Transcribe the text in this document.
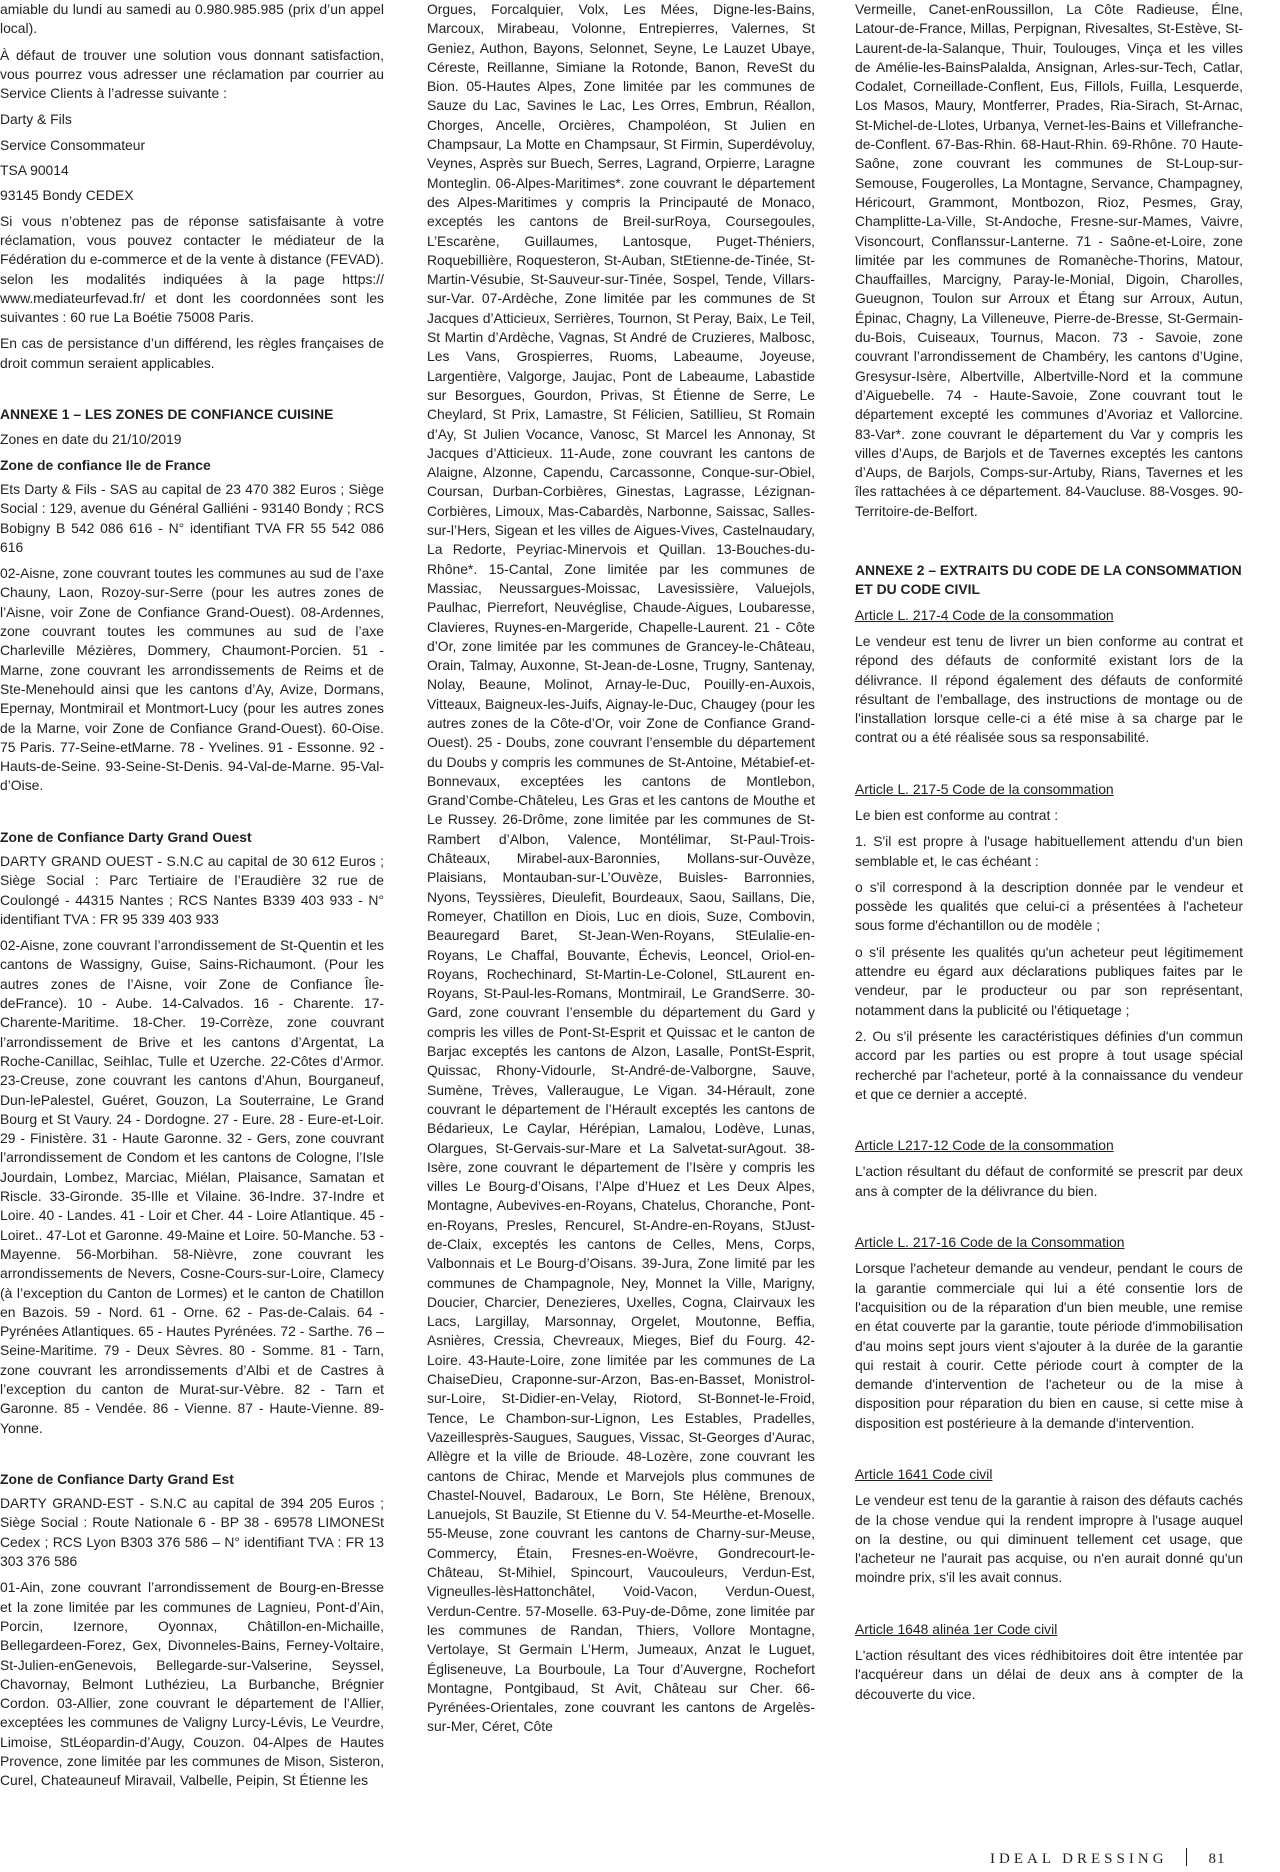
amiable du lundi au samedi au 0.980.985.985 (prix d’un appel local).

À défaut de trouver une solution vous donnant satisfaction, vous pourrez vous adresser une réclamation par courrier au Service Clients à l’adresse suivante :

Darty & Fils

Service Consommateur

TSA 90014

93145 Bondy CEDEX

Si vous n’obtenez pas de réponse satisfaisante à votre réclamation, vous pouvez contacter le médiateur de la Fédération du e-commerce et de la vente à distance (FEVAD). selon les modalités indiquées à la page https:// www.mediateurfevad.fr/ et dont les coordonnées sont les suivantes : 60 rue La Boétie 75008 Paris.

En cas de persistance d’un différend, les règles françaises de droit commun seraient applicables.

ANNEXE 1 – LES ZONES DE CONFIANCE CUISINE

Zones en date du 21/10/2019

Zone de confiance Ile de France

Ets Darty & Fils - SAS au capital de 23 470 382 Euros ; Siège Social : 129, avenue du Général Galliéni - 93140 Bondy ; RCS Bobigny B 542 086 616 - N° identifiant TVA FR 55 542 086 616

02-Aisne, zone couvrant toutes les communes au sud de l’axe Chauny, Laon, Rozoy-sur-Serre (pour les autres zones de l’Aisne, voir Zone de Confiance Grand-Ouest). 08-Ardennes, zone couvrant toutes les communes au sud de l’axe Charleville Mézières, Dommery, Chaumont-Porcien. 51 - Marne, zone couvrant les arrondissements de Reims et de Ste-Menehould ainsi que les cantons d’Ay, Avize, Dormans, Epernay, Montmirail et Montmort-Lucy (pour les autres zones de la Marne, voir Zone de Confiance Grand-Ouest). 60-Oise. 75 Paris. 77-Seine-etMarne. 78 - Yvelines. 91 - Essonne. 92 - Hauts-de-Seine. 93-Seine-St-Denis. 94-Val-de-Marne. 95-Val-d’Oise.

Zone de Confiance Darty Grand Ouest

DARTY GRAND OUEST - S.N.C au capital de 30 612 Euros ; Siège Social : Parc Tertiaire de l’Eraudière 32 rue de Coulongé - 44315 Nantes ; RCS Nantes B339 403 933 - N° identifiant TVA : FR 95 339 403 933

02-Aisne, zone couvrant l’arrondissement de St-Quentin et les cantons de Wassigny, Guise, Sains-Richaumont. (Pour les autres zones de l’Aisne, voir Zone de Confiance Île-deFrance). 10 - Aube. 14-Calvados. 16 - Charente. 17-Charente-Maritime. 18-Cher. 19-Corrèze, zone couvrant l’arrondissement de Brive et les cantons d’Argentat, La Roche-Canillac, Seihlac, Tulle et Uzerche. 22-Côtes d’Armor. 23-Creuse, zone couvrant les cantons d’Ahun, Bourganeuf, Dun-lePalestel, Guéret, Gouzon, La Souterraine, Le Grand Bourg et St Vaury. 24 - Dordogne. 27 - Eure. 28 - Eure-et-Loir. 29 - Finistère. 31 - Haute Garonne. 32 - Gers, zone couvrant l’arrondissement de Condom et les cantons de Cologne, l’Isle Jourdain, Lombez, Marciac, Miélan, Plaisance, Samatan et Riscle. 33-Gironde. 35-Ille et Vilaine. 36-Indre. 37-Indre et Loire. 40 - Landes. 41 - Loir et Cher. 44 - Loire Atlantique. 45 - Loiret.. 47-Lot et Garonne. 49-Maine et Loire. 50-Manche. 53 - Mayenne. 56-Morbihan. 58-Nièvre, zone couvrant les arrondissements de Nevers, Cosne-Cours-sur-Loire, Clamecy (à l’exception du Canton de Lormes) et le canton de Chatillon en Bazois. 59 - Nord. 61 - Orne. 62 - Pas-de-Calais. 64 - Pyrénées Atlantiques. 65 - Hautes Pyrénées. 72 - Sarthe. 76 – Seine-Maritime. 79 - Deux Sèvres. 80 - Somme. 81 - Tarn, zone couvrant les arrondissements d’Albi et de Castres à l’exception du canton de Murat-sur-Vèbre. 82 - Tarn et Garonne. 85 - Vendée. 86 - Vienne. 87 - Haute-Vienne. 89-Yonne.

Zone de Confiance Darty Grand Est

DARTY GRAND-EST - S.N.C au capital de 394 205 Euros ; Siège Social : Route Nationale 6 - BP 38 - 69578 LIMONESt Cedex ; RCS Lyon B303 376 586 – N° identifiant TVA : FR 13 303 376 586

01-Ain, zone couvrant l’arrondissement de Bourg-en-Bresse et la zone limitée par les communes de Lagnieu, Pont-d’Ain, Porcin, Izernore, Oyonnax, Châtillon-en-Michaille, Bellegardeen-Forez, Gex, Divonneles-Bains, Ferney-Voltaire, St-Julien-enGenevois, Bellegarde-sur-Valserine, Seyssel, Chavornay, Belmont Luthézieu, La Burbanche, Brégnier Cordon. 03-Allier, zone couvrant le département de l’Allier, exceptées les communes de Valigny Lurcy-Lévis, Le Veurdre, Limoise, StLéopardin-d’Augy, Couzon. 04-Alpes de Hautes Provence, zone limitée par les communes de Mison, Sisteron, Curel, Chateauneuf Miravail, Valbelle, Peipin, St Étienne les

Orgues, Forcalquier, Volx, Les Mées, Digne-les-Bains, Marcoux, Mirabeau, Volonne, Entrepierres, Valernes, St Geniez, Authon, Bayons, Selonnet, Seyne, Le Lauzet Ubaye, Céreste, Reillanne, Simiane la Rotonde, Banon, ReveSt du Bion. 05-Hautes Alpes, Zone limitée par les communes de Sauze du Lac, Savines le Lac, Les Orres, Embrun, Réallon, Chorges, Ancelle, Orcières, Champoléon, St Julien en Champsaur, La Motte en Champsaur, St Firmin, Superdévoluy, Veynes, Asprès sur Buech, Serres, Lagrand, Orpierre, Laragne Monteglin. 06-Alpes-Maritimes*. zone couvrant le département des Alpes-Maritimes y compris la Principauté de Monaco, exceptés les cantons de Breil-surRoya, Coursegoules, L’Escarène, Guillaumes, Lantosque, Puget-Théniers, Roquebillière, Roquesteron, St-Auban, StEtienne-de-Tinée, St-Martin-Vésubie, St-Sauveur-sur-Tinée, Sospel, Tende, Villars-sur-Var. 07-Ardèche, Zone limitée par les communes de St Jacques d’Atticieux, Serrières, Tournon, St Peray, Baix, Le Teil, St Martin d’Ardèche, Vagnas, St André de Cruzieres, Malbosc, Les Vans, Grospierres, Ruoms, Labeaume, Joyeuse, Largentière, Valgorge, Jaujac, Pont de Labeaume, Labastide sur Besorgues, Gourdon, Privas, St Étienne de Serre, Le Cheylard, St Prix, Lamastre, St Félicien, Satillieu, St Romain d’Ay, St Julien Vocance, Vanosc, St Marcel les Annonay, St Jacques d’Atticieux. 11-Aude, zone couvrant les cantons de Alaigne, Alzonne, Capendu, Carcassonne, Conque-sur-Obiel, Coursan, Durban-Corbières, Ginestas, Lagrasse, Lézignan-Corbières, Limoux, Mas-Cabardès, Narbonne, Saissac, Salles-sur-l’Hers, Sigean et les villes de Aigues-Vives, Castelnaudary, La Redorte, Peyriac-Minervois et Quillan. 13-Bouches-du-Rhône*. 15-Cantal, Zone limitée par les communes de Massiac, Neussargues-Moissac, Lavesissière, Valuejols, Paulhac, Pierrefort, Neuvéglise, Chaude-Aigues, Loubaresse, Clavieres, Ruynes-en-Margeride, Chapelle-Laurent. 21 - Côte d’Or, zone limitée par les communes de Grancey-le-Château, Orain, Talmay, Auxonne, St-Jean-de-Losne, Trugny, Santenay, Nolay, Beaune, Molinot, Arnay-le-Duc, Pouilly-en-Auxois, Vitteaux, Baigneux-les-Juifs, Aignay-le-Duc, Chaugey (pour les autres zones de la Côte-d’Or, voir Zone de Confiance Grand-Ouest). 25 - Doubs, zone couvrant l’ensemble du département du Doubs y compris les communes de St-Antoine, Métabief-et-Bonnevaux, exceptées les cantons de Montlebon, Grand’Combe-Châteleu, Les Gras et les cantons de Mouthe et Le Russey. 26-Drôme, zone limitée par les communes de St-Rambert d’Albon, Valence, Montélimar, St-Paul-Trois-Châteaux, Mirabel-aux-Baronnies, Mollans-sur-Ouvèze, Plaisians, Montauban-sur-L’Ouvèze, Buisles- Barronnies, Nyons, Teyssières, Dieulefit, Bourdeaux, Saou, Saillans, Die, Romeyer, Chatillon en Diois, Luc en diois, Suze, Combovin, Beauregard Baret, St-Jean-Wen-Royans, StEulalie-en-Royans, Le Chaffal, Bouvante, Échevis, Leoncel, Oriol-en-Royans, Rochechinard, St-Martin-Le-Colonel, StLaurent en-Royans, St-Paul-les-Romans, Montmirail, Le GrandSerre. 30-Gard, zone couvrant l’ensemble du département du Gard y compris les villes de Pont-St-Esprit et Quissac et le canton de Barjac exceptés les cantons de Alzon, Lasalle, PontSt-Esprit, Quissac, Rhony-Vidourle, St-André-de-Valborgne, Sauve, Sumène, Trèves, Valleraugue, Le Vigan. 34-Hérault, zone couvrant le département de l’Hérault exceptés les cantons de Bédarieux, Le Caylar, Hérépian, Lamalou, Lodève, Lunas, Olargues, St-Gervais-sur-Mare et La Salvetat-surAgout. 38-Isère, zone couvrant le département de l’Isère y compris les villes Le Bourg-d’Oisans, l’Alpe d’Huez et Les Deux Alpes, Montagne, Aubevives-en-Royans, Chatelus, Choranche, Pont-en-Royans, Presles, Rencurel, St-Andre-en-Royans, StJust-de-Claix, exceptés les cantons de Celles, Mens, Corps, Valbonnais et Le Bourg-d’Oisans. 39-Jura, Zone limité par les communes de Champagnole, Ney, Monnet la Ville, Marigny, Doucier, Charcier, Denezieres, Uxelles, Cogna, Clairvaux les Lacs, Largillay, Marsonnay, Orgelet, Moutonne, Beffia, Asnières, Cressia, Chevreaux, Mieges, Bief du Fourg. 42-Loire. 43-Haute-Loire, zone limitée par les communes de La ChaiseDieu, Craponne-sur-Arzon, Bas-en-Basset, Monistrol-sur-Loire, St-Didier-en-Velay, Riotord, St-Bonnet-le-Froid, Tence, Le Chambon-sur-Lignon, Les Estables, Pradelles, Vazeillesprès-Saugues, Saugues, Vissac, St-Georges d’Aurac, Allègre et la ville de Brioude. 48-Lozère, zone couvrant les cantons de Chirac, Mende et Marvejols plus communes de Chastel-Nouvel, Badaroux, Le Born, Ste Hélène, Brenoux, Lanuejols, St Bauzile, St Etienne du V. 54-Meurthe-et-Moselle. 55-Meuse, zone couvrant les cantons de Charny-sur-Meuse, Commercy, Étain, Fresnes-en-Woëvre, Gondrecourt-le-Château, St-Mihiel, Spincourt, Vaucouleurs, Verdun-Est, Vigneulles-lèsHattonchâtel, Void-Vacon, Verdun-Ouest, Verdun-Centre. 57-Moselle. 63-Puy-de-Dôme, zone limitée par les communes de Randan, Thiers, Vollore Montagne, Vertolaye, St Germain L’Herm, Jumeaux, Anzat le Luguet, Égliseneuve, La Bourboule, La Tour d’Auvergne, Rochefort Montagne, Pontgibaud, St Avit, Château sur Cher. 66-Pyrénées-Orientales, zone couvrant les cantons de Argelès-sur-Mer, Céret, Côte

Vermeille, Canet-enRoussillon, La Côte Radieuse, Élne, Latour-de-France, Millas, Perpignan, Rivesaltes, St-Estève, St-Laurent-de-la-Salanque, Thuir, Toulouges, Vinça et les villes de Amélie-les-BainsPalalda, Ansignan, Arles-sur-Tech, Catlar, Codalet, Corneillade-Conflent, Eus, Fillols, Fuilla, Lesquerde, Los Masos, Maury, Montferrer, Prades, Ria-Sirach, St-Arnac, St-Michel-de-Llotes, Urbanya, Vernet-les-Bains et Villefranche-de-Conflent. 67-Bas-Rhin. 68-Haut-Rhin. 69-Rhône. 70 Haute-Saône, zone couvrant les communes de St-Loup-sur-Semouse, Fougerolles, La Montagne, Servance, Champagney, Héricourt, Grammont, Montbozon, Rioz, Pesmes, Gray, Champlitte-La-Ville, St-Andoche, Fresne-sur-Mames, Vaivre, Visoncourt, Conflanssur-Lanterne. 71 - Saône-et-Loire, zone limitée par les communes de Romanèche-Thorins, Matour, Chauffailles, Marcigny, Paray-le-Monial, Digoin, Charolles, Gueugnon, Toulon sur Arroux et Étang sur Arroux, Autun, Épinac, Chagny, La Villeneuve, Pierre-de-Bresse, St-Germain-du-Bois, Cuiseaux, Tournus, Macon. 73 - Savoie, zone couvrant l’arrondissement de Chambéry, les cantons d’Ugine, Gresysur-Isère, Albertville, Albertville-Nord et la commune d’Aiguebelle. 74 - Haute-Savoie, Zone couvrant tout le département excepté les communes d’Avoriaz et Vallorcine. 83-Var*. zone couvrant le département du Var y compris les villes d’Aups, de Barjols et de Tavernes exceptés les cantons d’Aups, de Barjols, Comps-sur-Artuby, Rians, Tavernes et les îles rattachées à ce département. 84-Vaucluse. 88-Vosges. 90-Territoire-de-Belfort.

ANNEXE 2 – EXTRAITS DU CODE DE LA CONSOMMATION ET DU CODE CIVIL
Article L. 217-4 Code de la consommation

Le vendeur est tenu de livrer un bien conforme au contrat et répond des défauts de conformité existant lors de la délivrance. Il répond également des défauts de conformité résultant de l'emballage, des instructions de montage ou de l'installation lorsque celle-ci a été mise à sa charge par le contrat ou a été réalisée sous sa responsabilité.

Article L. 217-5 Code de la consommation

Le bien est conforme au contrat :

1. S'il est propre à l'usage habituellement attendu d'un bien semblable et, le cas échéant :

o s'il correspond à la description donnée par le vendeur et possède les qualités que celui-ci a présentées à l'acheteur sous forme d'échantillon ou de modèle ;

o s'il présente les qualités qu'un acheteur peut légitimement attendre eu égard aux déclarations publiques faites par le vendeur, par le producteur ou par son représentant, notamment dans la publicité ou l'étiquetage ;

2. Ou s'il présente les caractéristiques définies d'un commun accord par les parties ou est propre à tout usage spécial recherché par l'acheteur, porté à la connaissance du vendeur et que ce dernier a accepté.

Article L217-12 Code de la consommation

L'action résultant du défaut de conformité se prescrit par deux ans à compter de la délivrance du bien.

Article L. 217-16 Code de la Consommation

Lorsque l'acheteur demande au vendeur, pendant le cours de la garantie commerciale qui lui a été consentie lors de l'acquisition ou de la réparation d'un bien meuble, une remise en état couverte par la garantie, toute période d'immobilisation d'au moins sept jours vient s'ajouter à la durée de la garantie qui restait à courir. Cette période court à compter de la demande d'intervention de l'acheteur ou de la mise à disposition pour réparation du bien en cause, si cette mise à disposition est postérieure à la demande d'intervention.

Article 1641 Code civil

Le vendeur est tenu de la garantie à raison des défauts cachés de la chose vendue qui la rendent impropre à l'usage auquel on la destine, ou qui diminuent tellement cet usage, que l'acheteur ne l'aurait pas acquise, ou n'en aurait donné qu'un moindre prix, s'il les avait connus.

Article 1648 alinéa 1er Code civil

L'action résultant des vices rédhibitoires doit être intentée par l'acquéreur dans un délai de deux ans à compter de la découverte du vice.

IDEAL DRESSING	81
